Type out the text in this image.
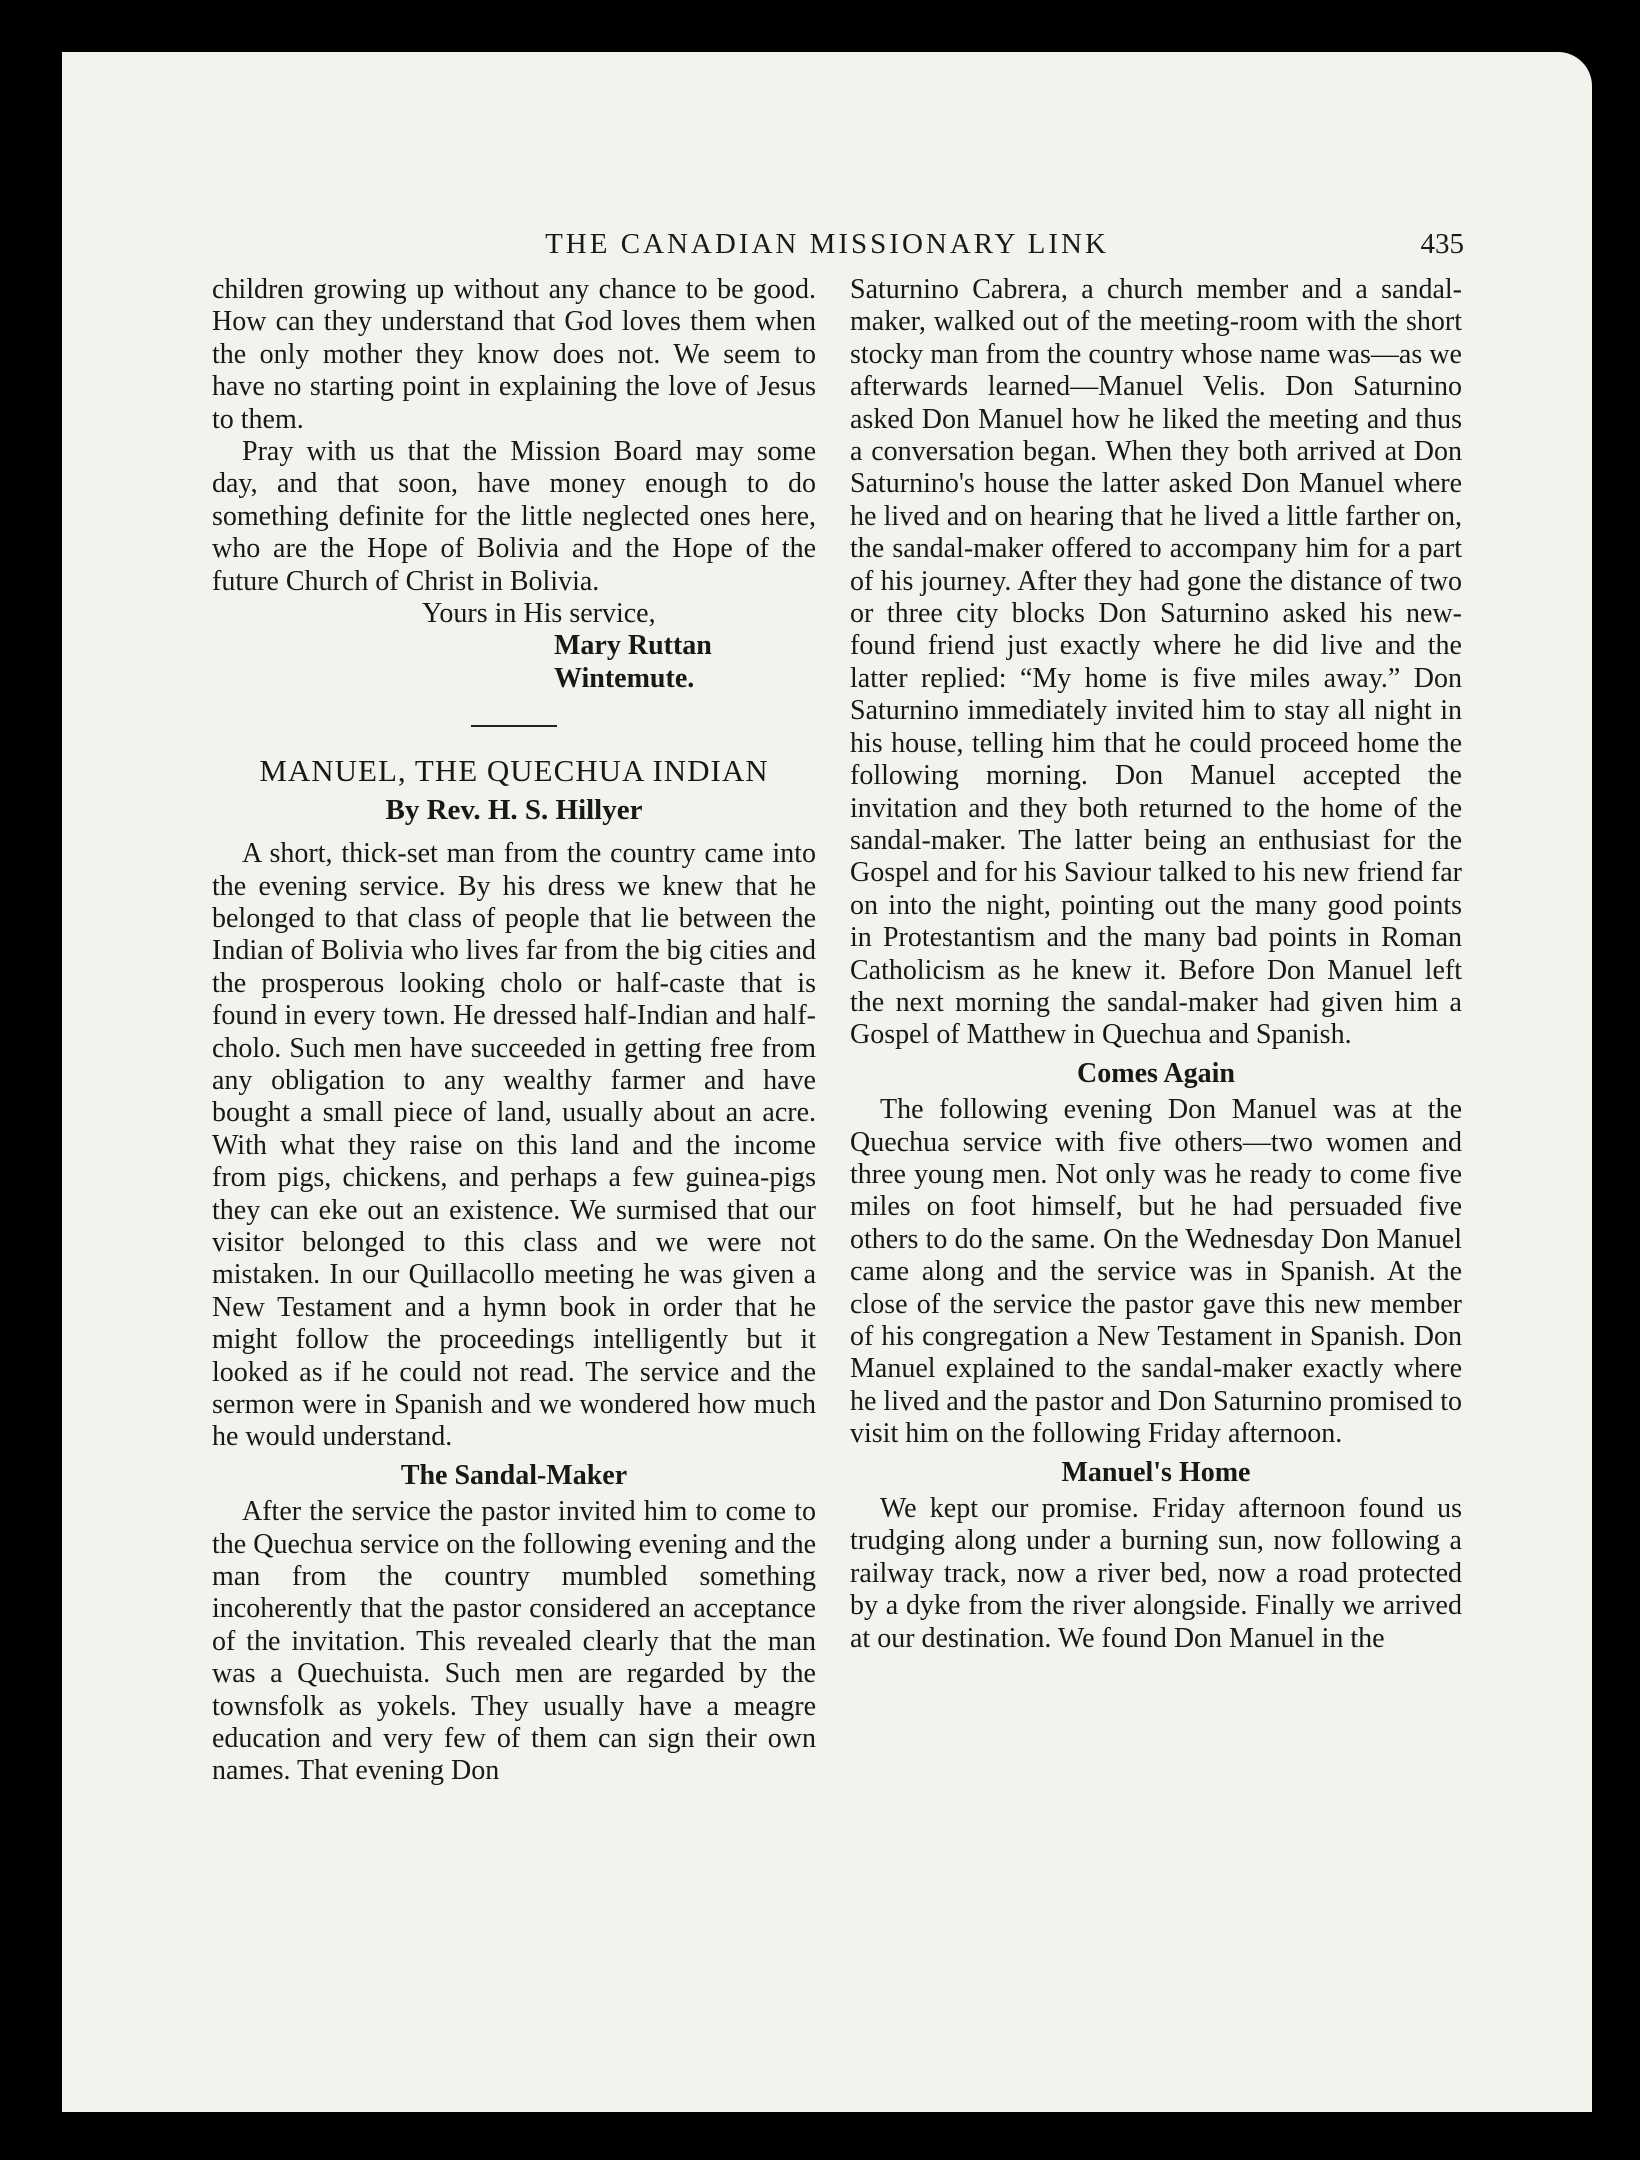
THE CANADIAN MISSIONARY LINK	435

children growing up without any chance to be good. How can they understand that God loves them when the only mother they know does not. We seem to have no starting point in explaining the love of Jesus to them.

Pray with us that the Mission Board may some day, and that soon, have money enough to do something definite for the little neglected ones here, who are the Hope of Bolivia and the Hope of the future Church of Christ in Bolivia.

Yours in His service,
Mary Ruttan Wintemute.
MANUEL, THE QUECHUA INDIAN
By Rev. H. S. Hillyer

A short, thick-set man from the country came into the evening service. By his dress we knew that he belonged to that class of people that lie between the Indian of Bolivia who lives far from the big cities and the prosperous looking cholo or half-caste that is found in every town. He dressed half-Indian and half-cholo. Such men have succeeded in getting free from any obligation to any wealthy farmer and have bought a small piece of land, usually about an acre. With what they raise on this land and the income from pigs, chickens, and perhaps a few guinea-pigs they can eke out an existence. We surmised that our visitor belonged to this class and we were not mistaken. In our Quillacollo meeting he was given a New Testament and a hymn book in order that he might follow the proceedings intelligently but it looked as if he could not read. The service and the sermon were in Spanish and we wondered how much he would understand.

The Sandal-Maker

After the service the pastor invited him to come to the Quechua service on the following evening and the man from the country mumbled something incoherently that the pastor considered an acceptance of the invitation. This revealed clearly that the man was a Quechuista. Such men are regarded by the townsfolk as yokels. They usually have a meagre education and very few of them can sign their own names. That evening Don

Saturnino Cabrera, a church member and a sandal-maker, walked out of the meeting-room with the short stocky man from the country whose name was—as we afterwards learned—Manuel Velis. Don Saturnino asked Don Manuel how he liked the meeting and thus a conversation began. When they both arrived at Don Saturnino's house the latter asked Don Manuel where he lived and on hearing that he lived a little farther on, the sandal-maker offered to accompany him for a part of his journey. After they had gone the distance of two or three city blocks Don Saturnino asked his new-found friend just exactly where he did live and the latter replied: “My home is five miles away.” Don Saturnino immediately invited him to stay all night in his house, telling him that he could proceed home the following morning. Don Manuel accepted the invitation and they both returned to the home of the sandal-maker. The latter being an enthusiast for the Gospel and for his Saviour talked to his new friend far on into the night, pointing out the many good points in Protestantism and the many bad points in Roman Catholicism as he knew it. Before Don Manuel left the next morning the sandal-maker had given him a Gospel of Matthew in Quechua and Spanish.

Comes Again

The following evening Don Manuel was at the Quechua service with five others—two women and three young men. Not only was he ready to come five miles on foot himself, but he had persuaded five others to do the same. On the Wednesday Don Manuel came along and the service was in Spanish. At the close of the service the pastor gave this new member of his congregation a New Testament in Spanish. Don Manuel explained to the sandal-maker exactly where he lived and the pastor and Don Saturnino promised to visit him on the following Friday afternoon.

Manuel's Home

We kept our promise. Friday afternoon found us trudging along under a burning sun, now following a railway track, now a river bed, now a road protected by a dyke from the river alongside. Finally we arrived at our destination. We found Don Manuel in the
